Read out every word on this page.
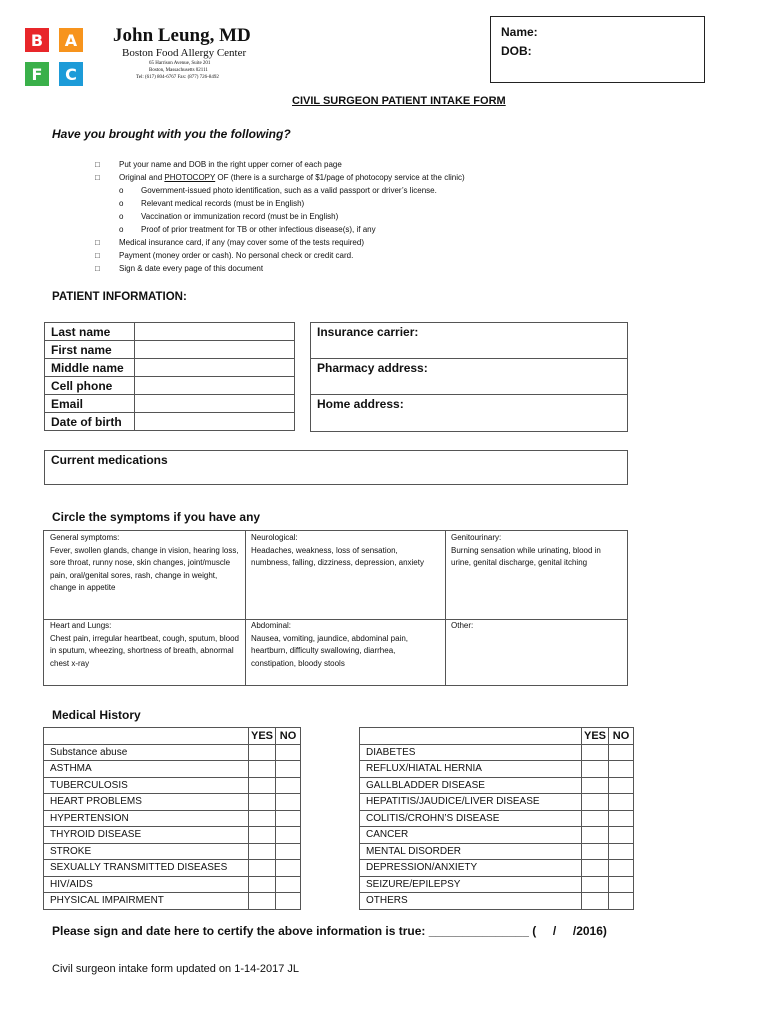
B	A
F	C
John Leung, MD
Boston Food Allergy Center
65 Harrison Avenue, Suite 201
Boston, Massachusetts 02111
Tel: (617) 804-6767 Fax: (877) 726-8492
Name:
DOB:
CIVIL SURGEON PATIENT INTAKE FORM
Have you brought with you the following?
□ Put your name and DOB in the right upper corner of each page
□ Original and PHOTOCOPY OF (there is a surcharge of $1/page of photocopy service at the clinic)
o Government-issued photo identification, such as a valid passport or driver’s license.
o Relevant medical records (must be in English)
o Vaccination or immunization record (must be in English)
o Proof of prior treatment for TB or other infectious disease(s), if any
□ Medical insurance card, if any (may cover some of the tests required)
□ Payment (money order or cash). No personal check or credit card.
□ Sign & date every page of this document
PATIENT INFORMATION:
Last name	
First name	
Middle name	
Cell phone	
Email	
Date of birth	
Insurance carrier:
Pharmacy address:
Home address:
Current medications
Circle the symptoms if you have any
General symptoms:
Fever, swollen glands, change in vision, hearing loss, sore throat, runny nose, skin changes, joint/muscle pain, oral/genital sores, rash, change in weight, change in appetite
Neurological:
Headaches, weakness, loss of sensation, numbness, falling, dizziness, depression, anxiety
Genitourinary:
Burning sensation while urinating, blood in urine, genital discharge, genital itching
Heart and Lungs:
Chest pain, irregular heartbeat, cough, sputum, blood in sputum, wheezing, shortness of breath, abnormal chest x-ray
Abdominal:
Nausea, vomiting, jaundice, abdominal pain, heartburn, difficulty swallowing, diarrhea, constipation, bloody stools
Other:
Medical History
	YES	NO
Substance abuse		
ASTHMA		
TUBERCULOSIS		
HEART PROBLEMS		
HYPERTENSION		
THYROID DISEASE		
STROKE		
SEXUALLY TRANSMITTED DISEASES		
HIV/AIDS		
PHYSICAL IMPAIRMENT		
	YES	NO
DIABETES		
REFLUX/HIATAL HERNIA		
GALLBLADDER DISEASE		
HEPATITIS/JAUDICE/LIVER DISEASE		
COLITIS/CROHN’S DISEASE		
CANCER		
MENTAL DISORDER		
DEPRESSION/ANXIETY		
SEIZURE/EPILEPSY		
OTHERS		
Please sign and date here to certify the above information is true: _______________ (     /     /2016)
Civil surgeon intake form updated on 1-14-2017 JL
